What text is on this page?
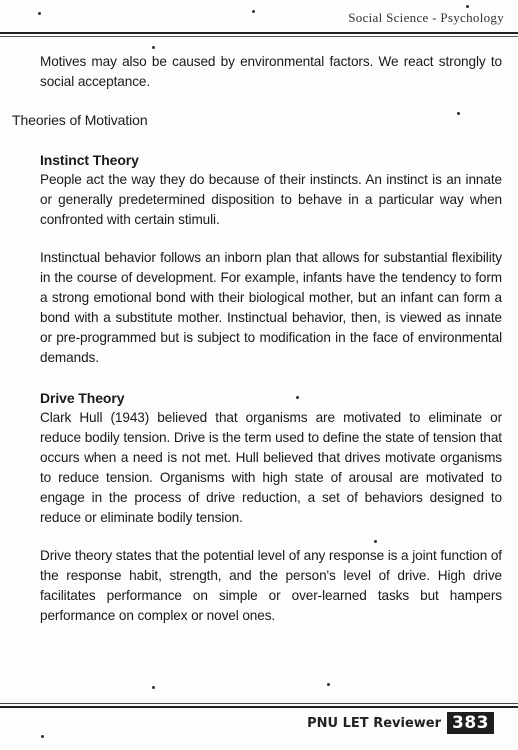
Social Science - Psychology

Motives may also be caused by environmental factors. We react strongly to social acceptance.

Theories of Motivation
Instinct Theory

People act the way they do because of their instincts. An instinct is an innate or generally predetermined disposition to behave in a particular way when confronted with certain stimuli.

Instinctual behavior follows an inborn plan that allows for substantial flexibility in the course of development. For example, infants have the tendency to form a strong emotional bond with their biological mother, but an infant can form a bond with a substitute mother. Instinctual behavior, then, is viewed as innate or pre-programmed but is subject to modification in the face of environmental demands.

Drive Theory

Clark Hull (1943) believed that organisms are motivated to eliminate or reduce bodily tension. Drive is the term used to define the state of tension that occurs when a need is not met. Hull believed that drives motivate organisms to reduce tension. Organisms with high state of arousal are motivated to engage in the process of drive reduction, a set of behaviors designed to reduce or eliminate bodily tension.

Drive theory states that the potential level of any response is a joint function of the response habit, strength, and the person's level of drive. High drive facilitates performance on simple or over-learned tasks but hampers performance on complex or novel ones.

PNU LET Reviewer 383
